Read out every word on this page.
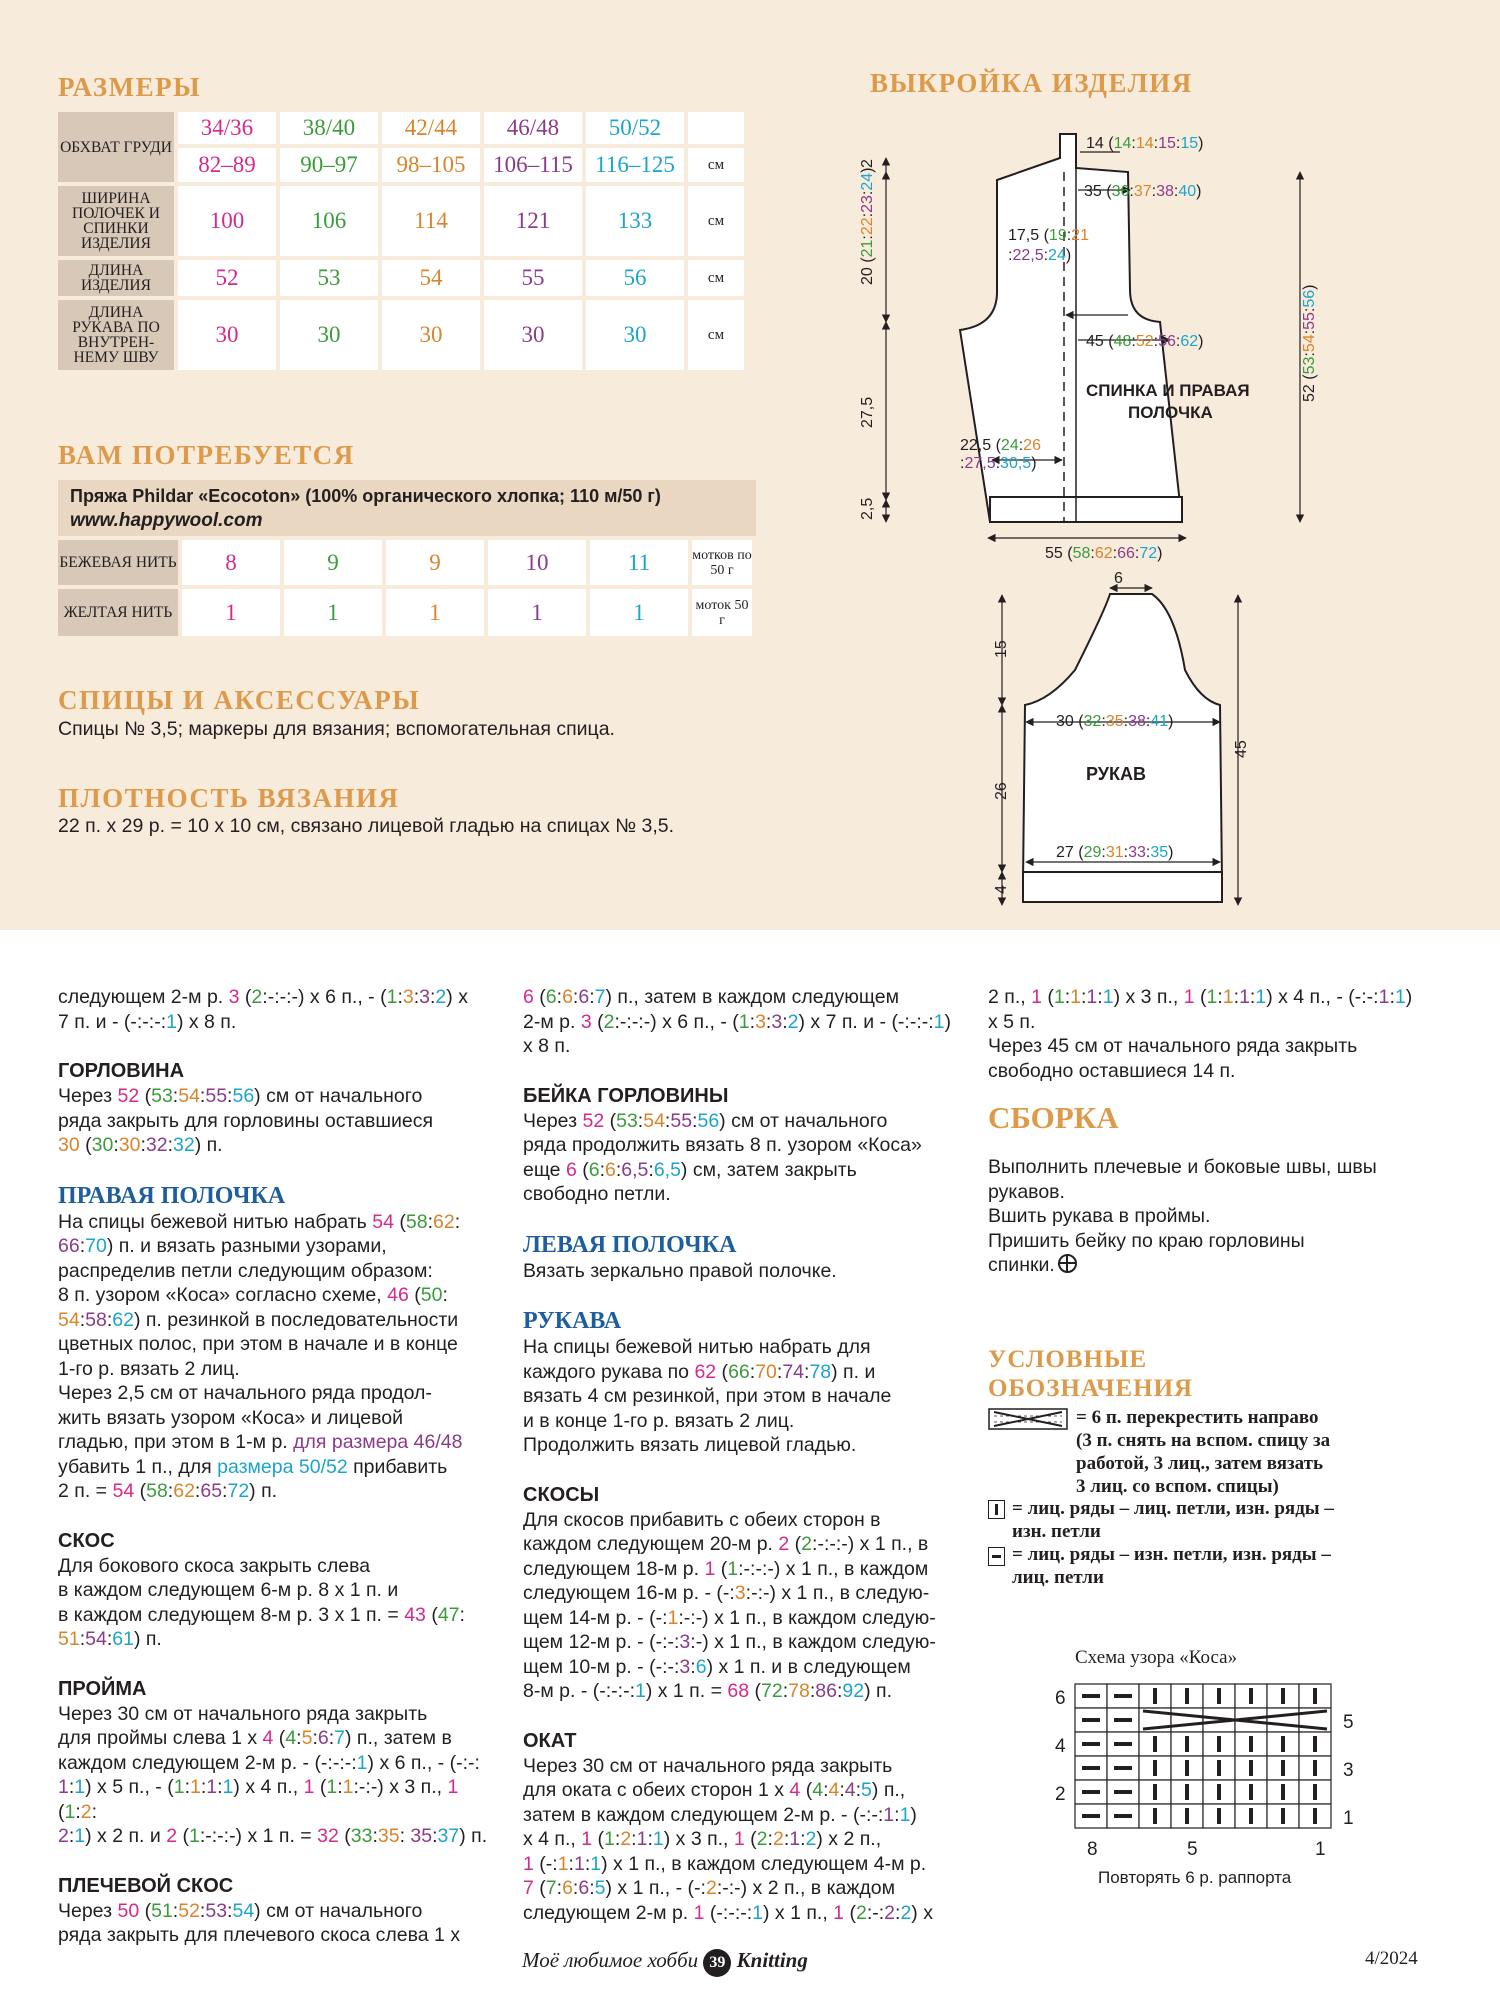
РАЗМЕРЫ
ОБХВАТ ГРУДИ	34/36	38/40	42/44	46/48	50/52	
	82–89	90–97	98–105	106–115	116–125	см
ШИРИНА ПОЛОЧЕК И СПИНКИ ИЗДЕЛИЯ	100	106	114	121	133	см
ДЛИНА ИЗДЕЛИЯ	52	53	54	55	56	см
ДЛИНА РУКАВА ПО ВНУТРЕН-НЕМУ ШВУ	30	30	30	30	30	см
ВАМ ПОТРЕБУЕТСЯ
Пряжа Phildar «Ecocoton» (100% органического хлопка; 110 м/50 г)
www.happywool.com
БЕЖЕВАЯ НИТЬ	8	9	9	10	11	мотков по 50 г
ЖЕЛТАЯ НИТЬ	1	1	1	1	1	моток 50 г
СПИЦЫ И АКСЕССУАРЫ

Спицы № 3,5; маркеры для вязания; вспомогательная спица.

ПЛОТНОСТЬ ВЯЗАНИЯ

22 п. х 29 р. = 10 х 10 см, связано лицевой гладью на спицах № 3,5.

ВЫКРОЙКА ИЗДЕЛИЯ
14 (14:14:15:15)
35 (36:37:38:40)
17,5 (19:21
:22,5:24)
45 (48:52:56:62)
22,5 (24:26
:27,5:30,5)
55 (58:62:66:72)
2
20 (21:22:23:24)
27,5
2,5
52 (53:54:55:56)
СПИНКА И ПРАВАЯ
ПОЛОЧКА
РУКАВ
6
15
26
4
45
30 (32:35:38:41)
27 (29:31:33:35)

следующем 2-м р. 3 (2:-:-:-) х 6 п., - (1:3:3:2) х

7 п. и - (-:-:-:1) х 8 п.

ГОРЛОВИНА

Через 52 (53:54:55:56) см от начального

ряда закрыть для горловины оставшиеся

30 (30:30:32:32) п.

ПРАВАЯ ПОЛОЧКА

На спицы бежевой нитью набрать 54 (58:62:

66:70) п. и вязать разными узорами,

распределив петли следующим образом:

8 п. узором «Коса» согласно схеме, 46 (50:

54:58:62) п. резинкой в последовательности

цветных полос, при этом в начале и в конце

1-го р. вязать 2 лиц.

Через 2,5 см от начального ряда продол-

жить вязать узором «Коса» и лицевой

гладью, при этом в 1-м р. для размера 46/48

убавить 1 п., для размера 50/52 прибавить

2 п. = 54 (58:62:65:72) п.

СКОС

Для бокового скоса закрыть слева

в каждом следующем 6-м р. 8 х 1 п. и

в каждом следующем 8-м р. 3 х 1 п. = 43 (47:

51:54:61) п.

ПРОЙМА

Через 30 см от начального ряда закрыть

для проймы слева 1 х 4 (4:5:6:7) п., затем в

каждом следующем 2-м р. - (-:-:-:1) х 6 п., - (-:-:

1:1) х 5 п., - (1:1:1:1) х 4 п., 1 (1:1:-:-) х 3 п., 1 (1:2:

2:1) х 2 п. и 2 (1:-:-:-) х 1 п. = 32 (33:35: 35:37) п.

ПЛЕЧЕВОЙ СКОС

Через 50 (51:52:53:54) см от начального

ряда закрыть для плечевого скоса слева 1 х

6 (6:6:6:7) п., затем в каждом следующем

2-м р. 3 (2:-:-:-) х 6 п., - (1:3:3:2) х 7 п. и - (-:-:-:1)

х 8 п.

БЕЙКА ГОРЛОВИНЫ

Через 52 (53:54:55:56) см от начального

ряда продолжить вязать 8 п. узором «Коса»

еще 6 (6:6:6,5:6,5) см, затем закрыть

свободно петли.

ЛЕВАЯ ПОЛОЧКА

Вязать зеркально правой полочке.

РУКАВА

На спицы бежевой нитью набрать для

каждого рукава по 62 (66:70:74:78) п. и

вязать 4 см резинкой, при этом в начале

и в конце 1-го р. вязать 2 лиц.

Продолжить вязать лицевой гладью.

СКОСЫ

Для скосов прибавить с обеих сторон в

каждом следующем 20-м р. 2 (2:-:-:-) х 1 п., в

следующем 18-м р. 1 (1:-:-:-) х 1 п., в каждом

следующем 16-м р. - (-:3:-:-) х 1 п., в следую-

щем 14-м р. - (-:1:-:-) х 1 п., в каждом следую-

щем 12-м р. - (-:-:3:-) х 1 п., в каждом следую-

щем 10-м р. - (-:-:3:6) х 1 п. и в следующем

8-м р. - (-:-:-:1) х 1 п. = 68 (72:78:86:92) п.

ОКАТ

Через 30 см от начального ряда закрыть

для оката с обеих сторон 1 х 4 (4:4:4:5) п.,

затем в каждом следующем 2-м р. - (-:-:1:1)

х 4 п., 1 (1:2:1:1) х 3 п., 1 (2:2:1:2) х 2 п.,

1 (-:1:1:1) х 1 п., в каждом следующем 4-м р.

7 (7:6:6:5) х 1 п., - (-:2:-:-) х 2 п., в каждом

следующем 2-м р. 1 (-:-:-:1) х 1 п., 1 (2:-:2:2) х

2 п., 1 (1:1:1:1) х 3 п., 1 (1:1:1:1) х 4 п., - (-:-:1:1)

х 5 п.

Через 45 см от начального ряда закрыть

свободно оставшиеся 14 п.

СБОРКА

Выполнить плечевые и боковые швы, швы

рукавов.

Вшить рукава в проймы.

Пришить бейку по краю горловины

спинки.

УСЛОВНЫЕ
ОБОЗНАЧЕНИЯ
= 6 п. перекрестить направо
(3 п. снять на вспом. спицу за
работой, 3 лиц., затем вязать
3 лиц. со вспом. спицы)
= лиц. ряды – лиц. петли, изн. ряды –
изн. петли
= лиц. ряды – изн. петли, изн. ряды –
лиц. петли
Схема узора «Коса»
6
4
2
5
3
1
8	5	1
Повторять 6 р. раппорта
Моё любимое хобби 39 Knitting	4/2024
